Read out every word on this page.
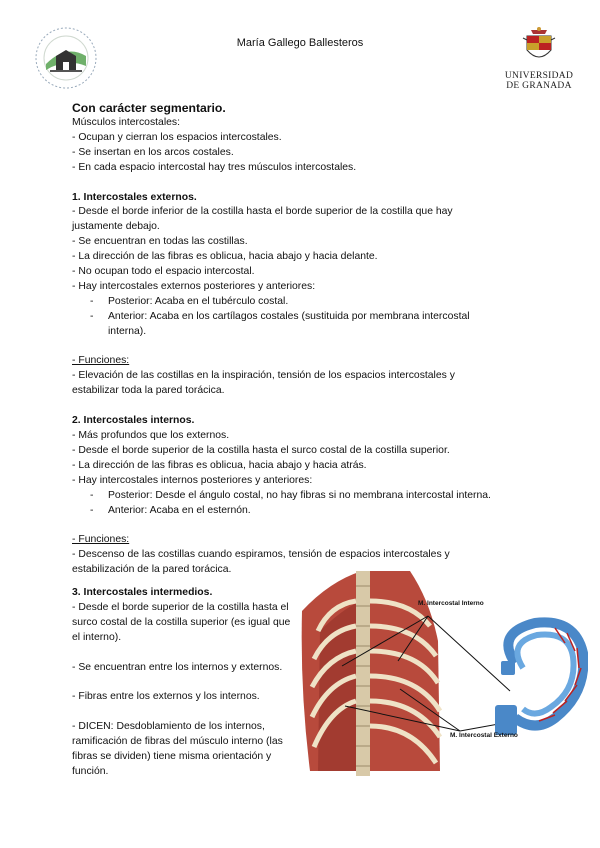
María Gallego Ballesteros
UNIVERSIDAD
DE GRANADA

Con carácter segmentario.

Músculos intercostales:

- Ocupan y cierran los espacios intercostales.

- Se insertan en los arcos costales.

- En cada espacio intercostal hay tres músculos intercostales.

1. Intercostales externos.

- Desde el borde inferior de la costilla hasta el borde superior de la costilla que hay justamente debajo.

- Se encuentran en todas las costillas.

- La dirección de las fibras es oblicua, hacia abajo y hacia delante.

- No ocupan todo el espacio intercostal.

- Hay intercostales externos posteriores y anteriores:

- Posterior: Acaba en el tubérculo costal.

- Anterior: Acaba en los cartílagos costales (sustituida por membrana intercostal interna).

- Funciones:

- Elevación de las costillas en la inspiración, tensión de los espacios intercostales y estabilizar toda la pared torácica.

2. Intercostales internos.

- Más profundos que los externos.

- Desde el borde superior de la costilla hasta el surco costal de la costilla superior.

- La dirección de las fibras es oblicua, hacia abajo y hacia atrás.

- Hay intercostales internos posteriores y anteriores:

- Posterior: Desde el ángulo costal, no hay fibras si no membrana intercostal interna.

- Anterior: Acaba en el esternón.

- Funciones:

- Descenso de las costillas cuando espiramos, tensión de espacios intercostales y estabilización de la pared torácica.

3. Intercostales intermedios.

- Desde el borde superior de la costilla hasta el surco costal de la costilla superior (es igual que el interno).

- Se encuentran entre los internos y externos.

- Fibras entre los externos y los internos.

- DICEN: Desdoblamiento de los internos, ramificación de fibras del músculo interno (las fibras se dividen) tiene misma orientación y función.

M. Intercostal Interno
M. Intercostal Externo
